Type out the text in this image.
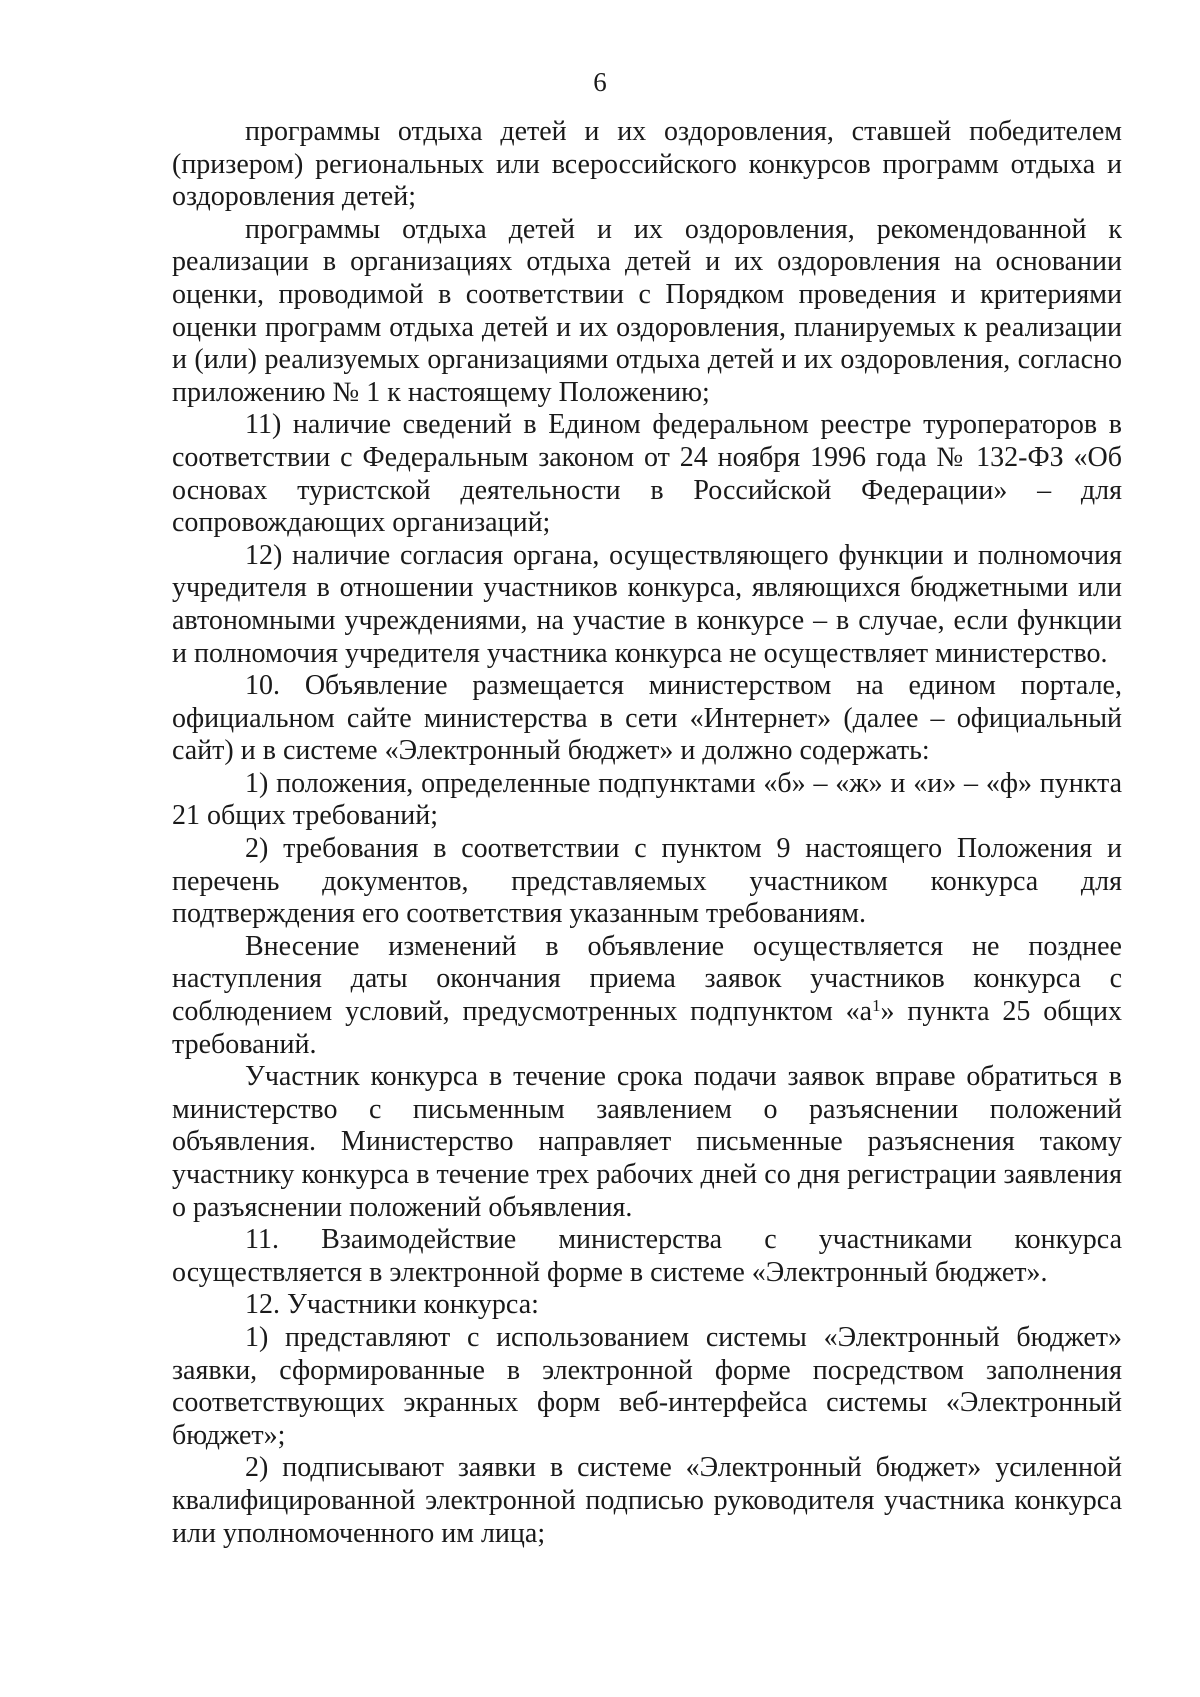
6

программы отдыха детей и их оздоровления, ставшей победителем (призером) региональных или всероссийского конкурсов программ отдыха и оздоровления детей;

программы отдыха детей и их оздоровления, рекомендованной к реализации в организациях отдыха детей и их оздоровления на основании оценки, проводимой в соответствии с Порядком проведения и критериями оценки программ отдыха детей и их оздоровления, планируемых к реализации и (или) реализуемых организациями отдыха детей и их оздоровления, согласно приложению № 1 к настоящему Положению;

11) наличие сведений в Едином федеральном реестре туроператоров в соответствии с Федеральным законом от 24 ноября 1996 года № 132-ФЗ «Об основах туристской деятельности в Российской Федерации» – для сопровождающих организаций;

12) наличие согласия органа, осуществляющего функции и полномочия учредителя в отношении участников конкурса, являющихся бюджетными или автономными учреждениями, на участие в конкурсе – в случае, если функции и полномочия учредителя участника конкурса не осуществляет министерство.

10. Объявление размещается министерством на едином портале, официальном сайте министерства в сети «Интернет» (далее – официальный сайт) и в системе «Электронный бюджет» и должно содержать:

1) положения, определенные подпунктами «б» – «ж» и «и» – «ф» пункта 21 общих требований;

2) требования в соответствии с пунктом 9 настоящего Положения и перечень документов, представляемых участником конкурса для подтверждения его соответствия указанным требованиям.

Внесение изменений в объявление осуществляется не позднее наступления даты окончания приема заявок участников конкурса с соблюдением условий, предусмотренных подпунктом «$а^1$» пункта 25 общих требований.

Участник конкурса в течение срока подачи заявок вправе обратиться в министерство с письменным заявлением о разъяснении положений объявления. Министерство направляет письменные разъяснения такому участнику конкурса в течение трех рабочих дней со дня регистрации заявления о разъяснении положений объявления.

11. Взаимодействие министерства с участниками конкурса осуществляется в электронной форме в системе «Электронный бюджет».

12. Участники конкурса:

1) представляют с использованием системы «Электронный бюджет» заявки, сформированные в электронной форме посредством заполнения соответствующих экранных форм веб-интерфейса системы «Электронный бюджет»;

2) подписывают заявки в системе «Электронный бюджет» усиленной квалифицированной электронной подписью руководителя участника конкурса или уполномоченного им лица;
